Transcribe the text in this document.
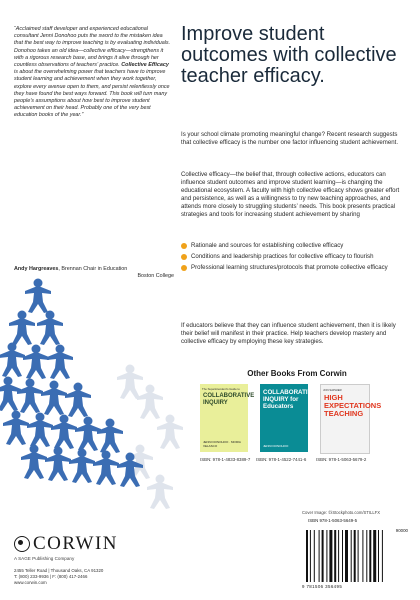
“Acclaimed staff developer and experienced educational consultant Jenni Donohoo puts the sword to the mistaken idea that the best way to improve teaching is by evaluating individuals. Donohoo takes an old idea—collective efficacy—strengthens it with a rigorous research base, and brings it alive through her countless observations of teachers’ practice. Collective Efficacy is about the overwhelming power that teachers have to improve student learning and achievement when they work together, explore every avenue open to them, and persist relentlessly once they have found the best ways forward. This book will turn many people’s assumptions about how best to improve student achievement on their head. Probably one of the very best education books of the year.”
Andy Hargreaves, Brennan Chair in Education
Boston College
CORWIN
A SAGE Publishing Company
2455 Teller Road | Thousand Oaks, CA 91320
T: (800) 233-9936 | F: (800) 417-2466
www.corwin.com
Improve student outcomes with collective teacher efficacy.
Is your school climate promoting meaningful change? Recent research suggests that collective efficacy is the number one factor influencing student achievement.
Collective efficacy—the belief that, through collective actions, educators can influence student outcomes and improve student learning—is changing the educational ecosystem. A faculty with high collective efficacy shows greater effort and persistence, as well as a willingness to try new teaching approaches, and attends more closely to struggling students’ needs. This book presents practical strategies and tools for increasing student achievement by sharing
Rationale and sources for establishing collective efficacy
Conditions and leadership practices for collective efficacy to flourish
Professional learning structures/protocols that promote collective efficacy
If educators believe that they can influence student achievement, then it is likely their belief will manifest in their practice. Help teachers develop mastery and collective efficacy by employing these key strategies.
Other Books From Corwin
The Superintendent's Guide to
COLLABORATIVE INQUIRY
JENNI DONOHOO · MOIRA VELASCO
COLLABORATIVE INQUIRY for Educators
JENNI DONOHOO
JON SAPHIER
HIGH EXPECTATIONS TEACHING
ISBN: 978-1-4833-8389-7 ISBN: 978-1-4522-7441-6 ISBN: 978-1-5063-5679-2
Cover Image: ©iStockphoto.com/STILLFX
ISBN 978-1-5063-5649-5
90000
9 781506 356495
